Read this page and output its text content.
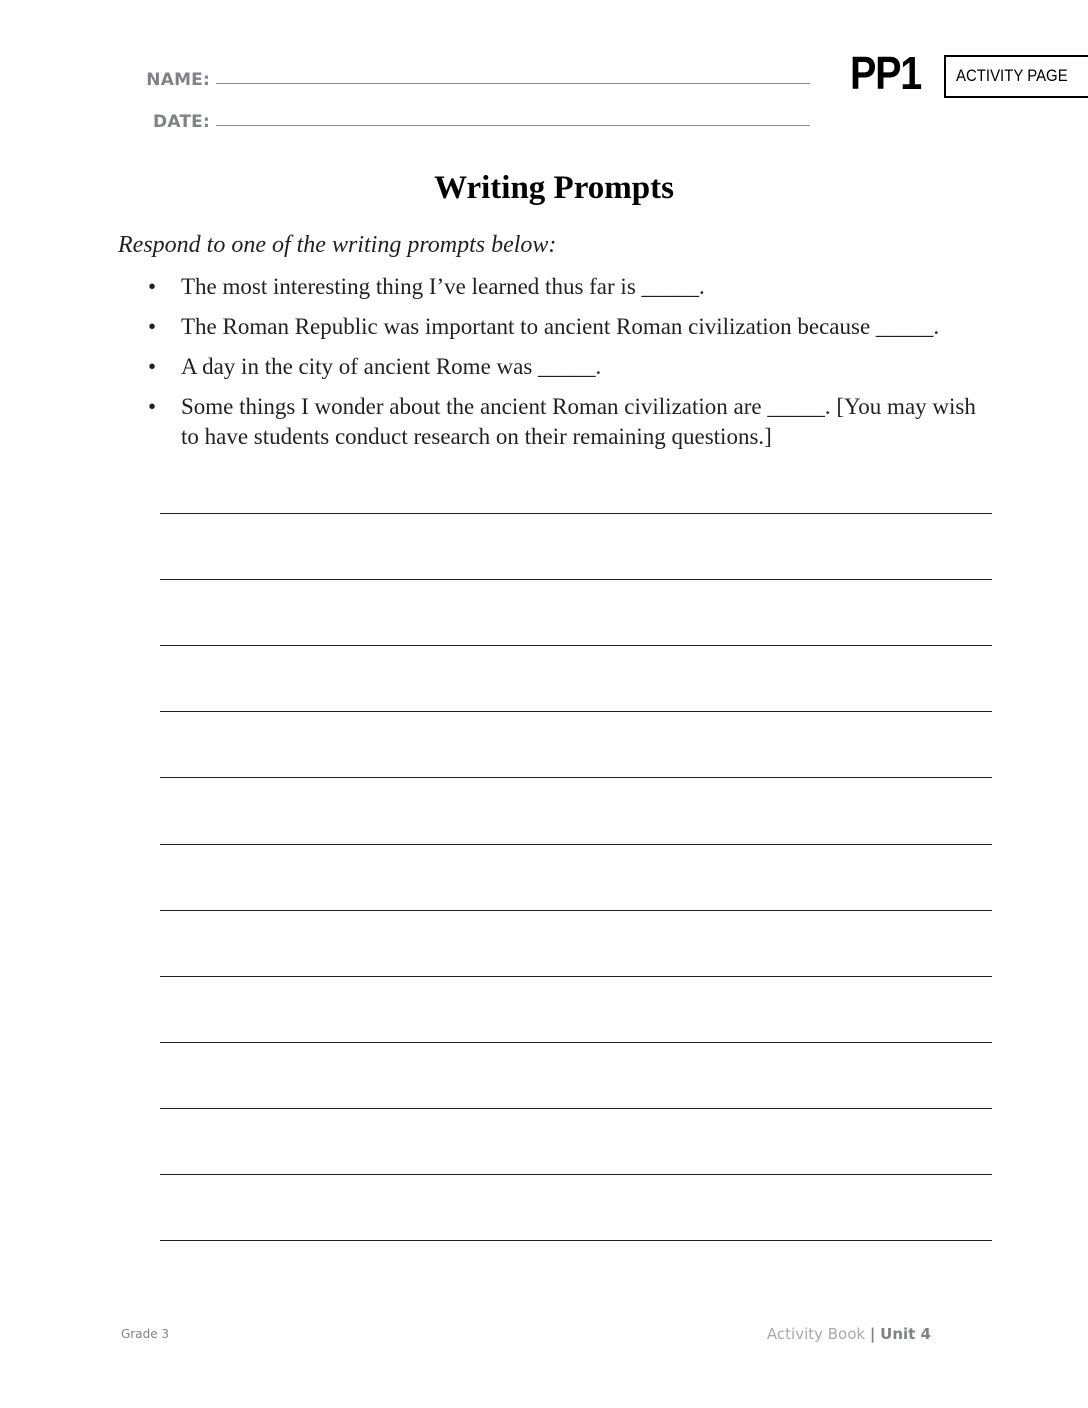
NAME:
DATE:
PP1 ACTIVITY PAGE
Writing Prompts
Respond to one of the writing prompts below:
• The most interesting thing I’ve learned thus far is _____.
• The Roman Republic was important to ancient Roman civilization because _____.
• A day in the city of ancient Rome was _____.
• Some things I wonder about the ancient Roman civilization are _____. [You may wish to have students conduct research on their remaining questions.]
Grade 3	Activity Book | Unit 4
